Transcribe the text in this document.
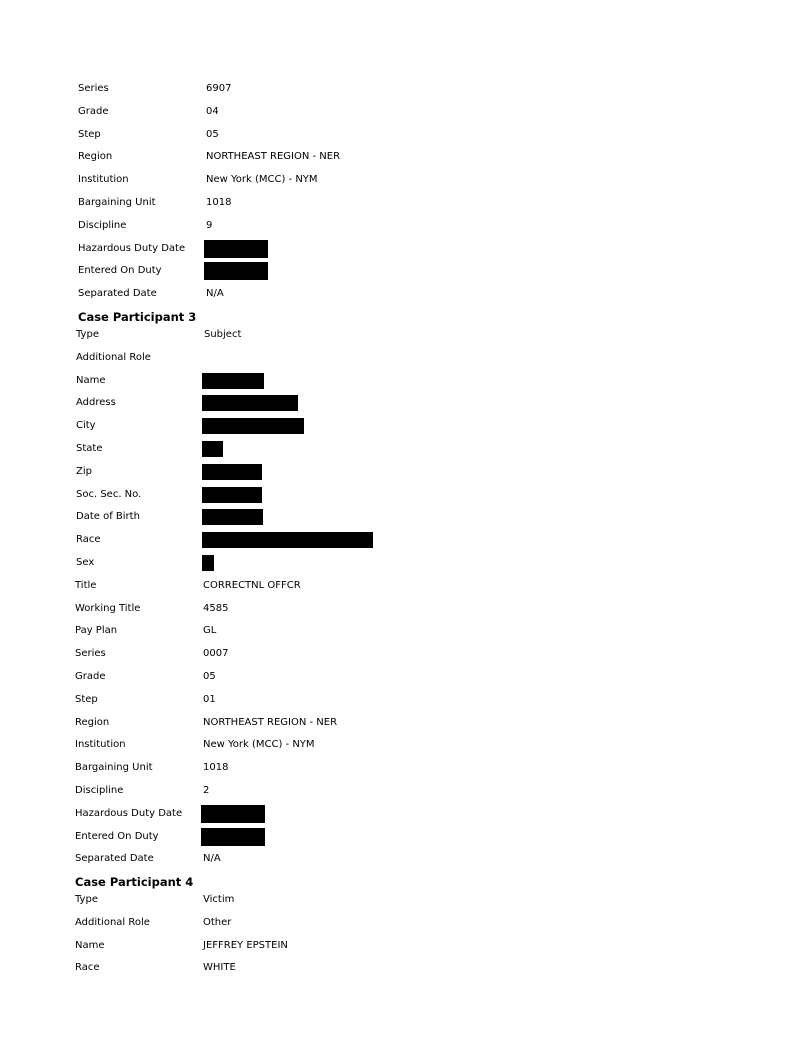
Series	6907
Grade	04
Step	05
Region	NORTHEAST REGION - NER
Institution	New York (MCC) - NYM
Bargaining Unit	1018
Discipline	9
Hazardous Duty Date
Entered On Duty
Separated Date	N/A
Case Participant 3
Type	Subject
Additional Role
Name
Address
City
State
Zip
Soc. Sec. No.
Date of Birth
Race
Sex
Title	CORRECTNL OFFCR
Working Title	4585
Pay Plan	GL
Series	0007
Grade	05
Step	01
Region	NORTHEAST REGION - NER
Institution	New York (MCC) - NYM
Bargaining Unit	1018
Discipline	2
Hazardous Duty Date
Entered On Duty
Separated Date	N/A
Case Participant 4
Type	Victim
Additional Role	Other
Name	JEFFREY EPSTEIN
Race	WHITE
